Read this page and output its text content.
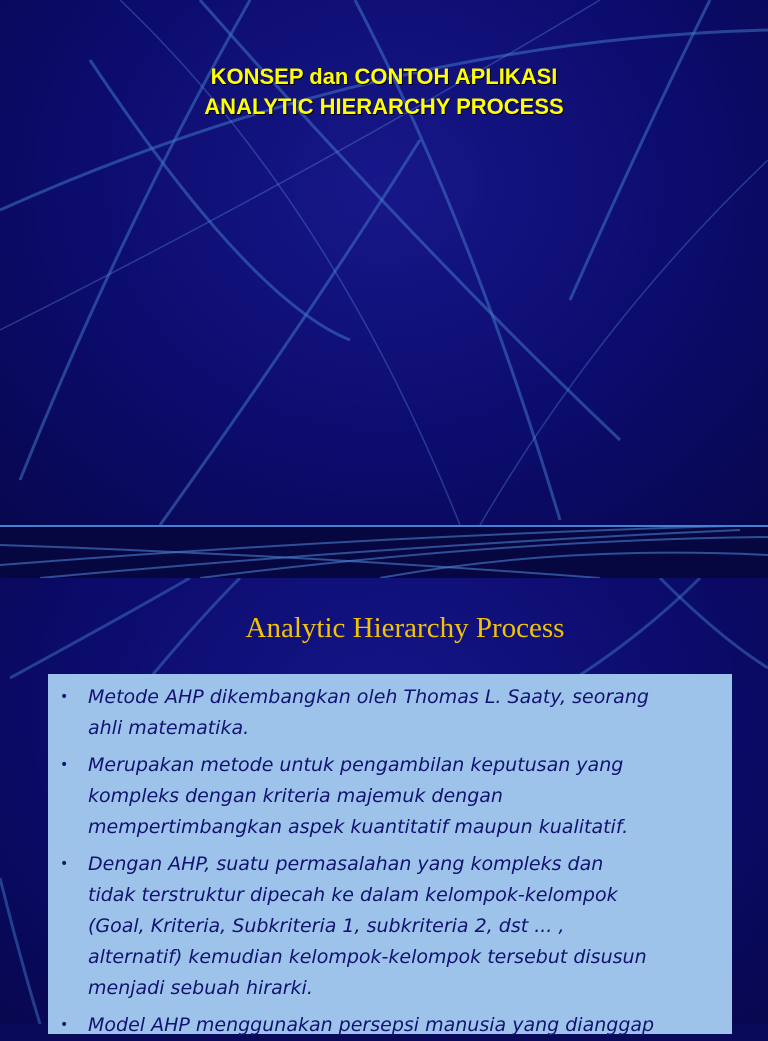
KONSEP dan CONTOH APLIKASI
ANALYTIC HIERARCHY PROCESS
Analytic Hierarchy Process
• Metode AHP dikembangkan oleh Thomas L. Saaty, seorang
ahli matematika.
• Merupakan metode untuk pengambilan keputusan yang
kompleks dengan kriteria majemuk dengan
mempertimbangkan aspek kuantitatif maupun kualitatif.
• Dengan AHP, suatu permasalahan yang kompleks dan
tidak terstruktur dipecah ke dalam kelompok-kelompok
(Goal, Kriteria, Subkriteria 1, subkriteria 2, dst ... ,
alternatif) kemudian kelompok-kelompok tersebut disusun
menjadi sebuah hirarki.
• Model AHP menggunakan persepsi manusia yang dianggap
